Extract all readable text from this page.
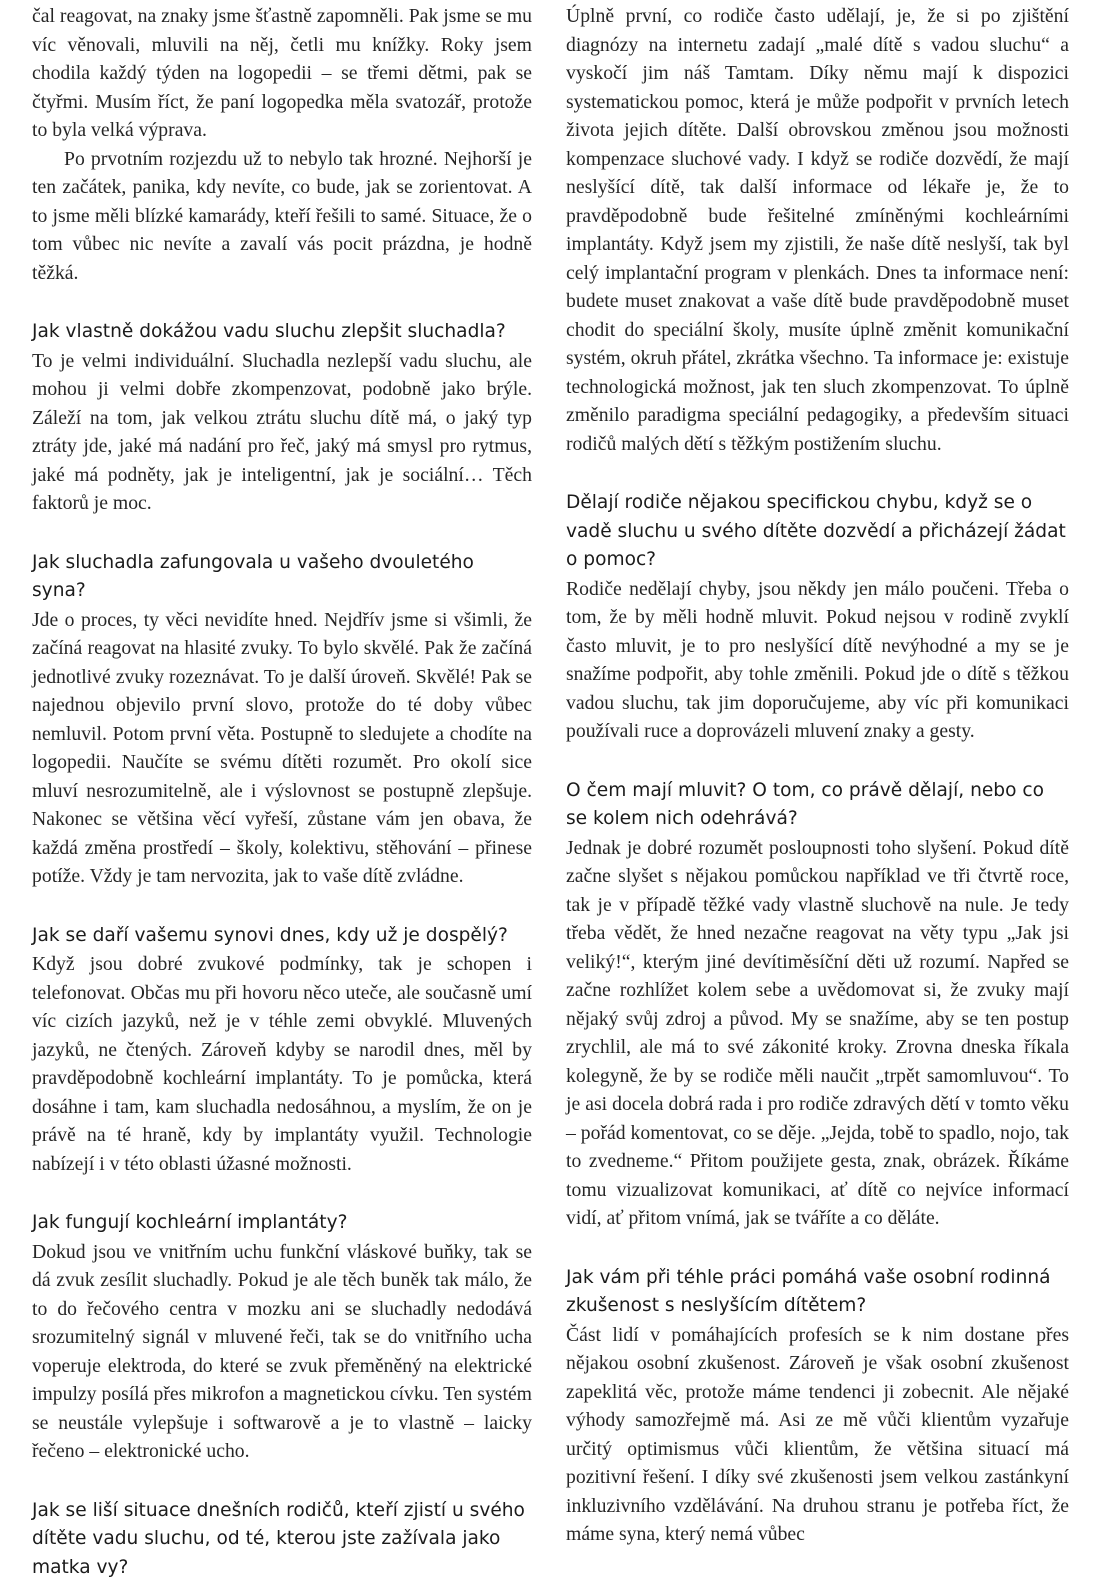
čal reagovat, na znaky jsme šťastně zapomněli. Pak jsme se mu víc věnovali, mluvili na něj, četli mu knížky. Roky jsem chodila každý týden na logopedii – se třemi dětmi, pak se čtyřmi. Musím říct, že paní logopedka měla svatozář, protože to byla velká výprava.

Po prvotním rozjezdu už to nebylo tak hrozné. Nejhorší je ten začátek, panika, kdy nevíte, co bude, jak se zorientovat. A to jsme měli blízké kamarády, kteří řešili to samé. Situace, že o tom vůbec nic nevíte a zavalí vás pocit prázdna, je hodně těžká.

Jak vlastně dokážou vadu sluchu zlepšit sluchadla?

To je velmi individuální. Sluchadla nezlepší vadu sluchu, ale mohou ji velmi dobře zkompenzovat, podobně jako brýle. Záleží na tom, jak velkou ztrátu sluchu dítě má, o jaký typ ztráty jde, jaké má nadání pro řeč, jaký má smysl pro rytmus, jaké má podněty, jak je inteligentní, jak je sociální… Těch faktorů je moc.

Jak sluchadla zafungovala u vašeho dvouletého syna?

Jde o proces, ty věci nevidíte hned. Nejdřív jsme si všimli, že začíná reagovat na hlasité zvuky. To bylo skvělé. Pak že začíná jednotlivé zvuky rozeznávat. To je další úroveň. Skvělé! Pak se najednou objevilo první slovo, protože do té doby vůbec nemluvil. Potom první věta. Postupně to sledujete a chodíte na logopedii. Naučíte se svému dítěti rozumět. Pro okolí sice mluví nesrozumitelně, ale i výslovnost se postupně zlepšuje. Nakonec se většina věcí vyřeší, zůstane vám jen obava, že každá změna prostředí – školy, kolektivu, stěhování – přinese potíže. Vždy je tam nervozita, jak to vaše dítě zvládne.

Jak se daří vašemu synovi dnes, kdy už je dospělý?

Když jsou dobré zvukové podmínky, tak je schopen i telefonovat. Občas mu při hovoru něco uteče, ale současně umí víc cizích jazyků, než je v téhle zemi obvyklé. Mluvených jazyků, ne čtených. Zároveň kdyby se narodil dnes, měl by pravděpodobně kochleární implantáty. To je pomůcka, která dosáhne i tam, kam sluchadla nedosáhnou, a myslím, že on je právě na té hraně, kdy by implantáty využil. Technologie nabízejí i v této oblasti úžasné možnosti.

Jak fungují kochleární implantáty?

Dokud jsou ve vnitřním uchu funkční vláskové buňky, tak se dá zvuk zesílit sluchadly. Pokud je ale těch buněk tak málo, že to do řečového centra v mozku ani se sluchadly nedodává srozumitelný signál v mluvené řeči, tak se do vnitřního ucha voperuje elektroda, do které se zvuk přeměněný na elektrické impulzy posílá přes mikrofon a magnetickou cívku. Ten systém se neustále vylepšuje i softwarově a je to vlastně – laicky řečeno – elektronické ucho.

Jak se liší situace dnešních rodičů, kteří zjistí u svého dítěte vadu sluchu, od té, kterou jste zažívala jako matka vy?

Úplně první, co rodiče často udělají, je, že si po zjištění diagnózy na internetu zadají „malé dítě s vadou sluchu“ a vyskočí jim náš Tamtam. Díky němu mají k dispozici systematickou pomoc, která je může podpořit v prvních letech života jejich dítěte. Další obrovskou změnou jsou možnosti kompenzace sluchové vady. I když se rodiče dozvědí, že mají neslyšící dítě, tak další informace od lékaře je, že to pravděpodobně bude řešitelné zmíněnými kochleárními implantáty. Když jsem my zjistili, že naše dítě neslyší, tak byl celý implantační program v plenkách. Dnes ta informace není: budete muset znakovat a vaše dítě bude pravděpodobně muset chodit do speciální školy, musíte úplně změnit komunikační systém, okruh přátel, zkrátka všechno. Ta informace je: existuje technologická možnost, jak ten sluch zkompenzovat. To úplně změnilo paradigma speciální pedagogiky, a především situaci rodičů malých dětí s těžkým postižením sluchu.

Dělají rodiče nějakou specifickou chybu, když se o vadě sluchu u svého dítěte dozvědí a přicházejí žádat o pomoc?

Rodiče nedělají chyby, jsou někdy jen málo poučeni. Třeba o tom, že by měli hodně mluvit. Pokud nejsou v rodině zvyklí často mluvit, je to pro neslyšící dítě nevýhodné a my se je snažíme podpořit, aby tohle změnili. Pokud jde o dítě s těžkou vadou sluchu, tak jim doporučujeme, aby víc při komunikaci používali ruce a doprovázeli mluvení znaky a gesty.

O čem mají mluvit? O tom, co právě dělají, nebo co se kolem nich odehrává?

Jednak je dobré rozumět posloupnosti toho slyšení. Pokud dítě začne slyšet s nějakou pomůckou například ve tři čtvrtě roce, tak je v případě těžké vady vlastně sluchově na nule. Je tedy třeba vědět, že hned nezačne reagovat na věty typu „Jak jsi veliký!“, kterým jiné devítiměsíční děti už rozumí. Napřed se začne rozhlížet kolem sebe a uvědomovat si, že zvuky mají nějaký svůj zdroj a původ. My se snažíme, aby se ten postup zrychlil, ale má to své zákonité kroky. Zrovna dneska říkala kolegyně, že by se rodiče měli naučit „trpět samomluvou“. To je asi docela dobrá rada i pro rodiče zdravých dětí v tomto věku – pořád komentovat, co se děje. „Jejda, tobě to spadlo, nojo, tak to zvedneme.“ Přitom použijete gesta, znak, obrázek. Říkáme tomu vizualizovat komunikaci, ať dítě co nejvíce informací vidí, ať přitom vnímá, jak se tváříte a co děláte.

Jak vám při téhle práci pomáhá vaše osobní rodinná zkušenost s neslyšícím dítětem?

Část lidí v pomáhajících profesích se k nim dostane přes nějakou osobní zkušenost. Zároveň je však osobní zkušenost zapeklitá věc, protože máme tendenci ji zobecnit. Ale nějaké výhody samozřejmě má. Asi ze mě vůči klientům vyzařuje určitý optimismus vůči klientům, že většina situací má pozitivní řešení. I díky své zkušenosti jsem velkou zastánkyní inkluzivního vzdělávání. Na druhou stranu je potřeba říct, že máme syna, který nemá vůbec
